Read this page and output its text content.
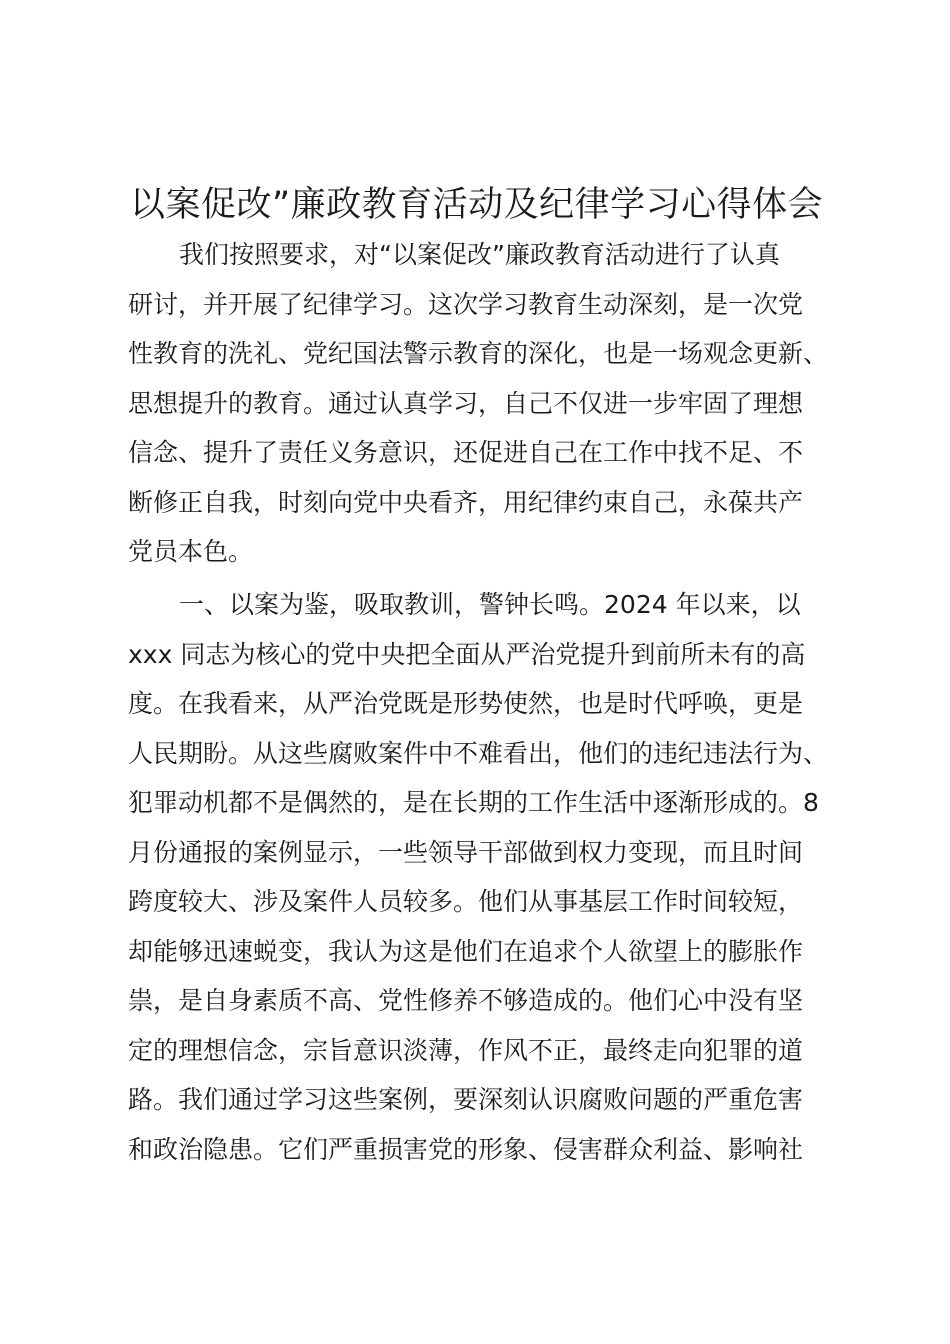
以案促改”廉政教育活动及纪律学习心得体会
我们按照要求，对“以案促改”廉政教育活动进行了认真
研讨，并开展了纪律学习。这次学习教育生动深刻，是一次党
性教育的洗礼、党纪国法警示教育的深化，也是一场观念更新、
思想提升的教育。通过认真学习，自己不仅进一步牢固了理想
信念、提升了责任义务意识，还促进自己在工作中找不足、不
断修正自我，时刻向党中央看齐，用纪律约束自己，永葆共产
党员本色。
一、以案为鉴，吸取教训，警钟长鸣。2024 年以来，以
xxx 同志为核心的党中央把全面从严治党提升到前所未有的高
度。在我看来，从严治党既是形势使然，也是时代呼唤，更是
人民期盼。从这些腐败案件中不难看出，他们的违纪违法行为、
犯罪动机都不是偶然的，是在长期的工作生活中逐渐形成的。8
月份通报的案例显示，一些领导干部做到权力变现，而且时间
跨度较大、涉及案件人员较多。他们从事基层工作时间较短，
却能够迅速蜕变，我认为这是他们在追求个人欲望上的膨胀作
祟，是自身素质不高、党性修养不够造成的。他们心中没有坚
定的理想信念，宗旨意识淡薄，作风不正，最终走向犯罪的道
路。我们通过学习这些案例，要深刻认识腐败问题的严重危害
和政治隐患。它们严重损害党的形象、侵害群众利益、影响社
